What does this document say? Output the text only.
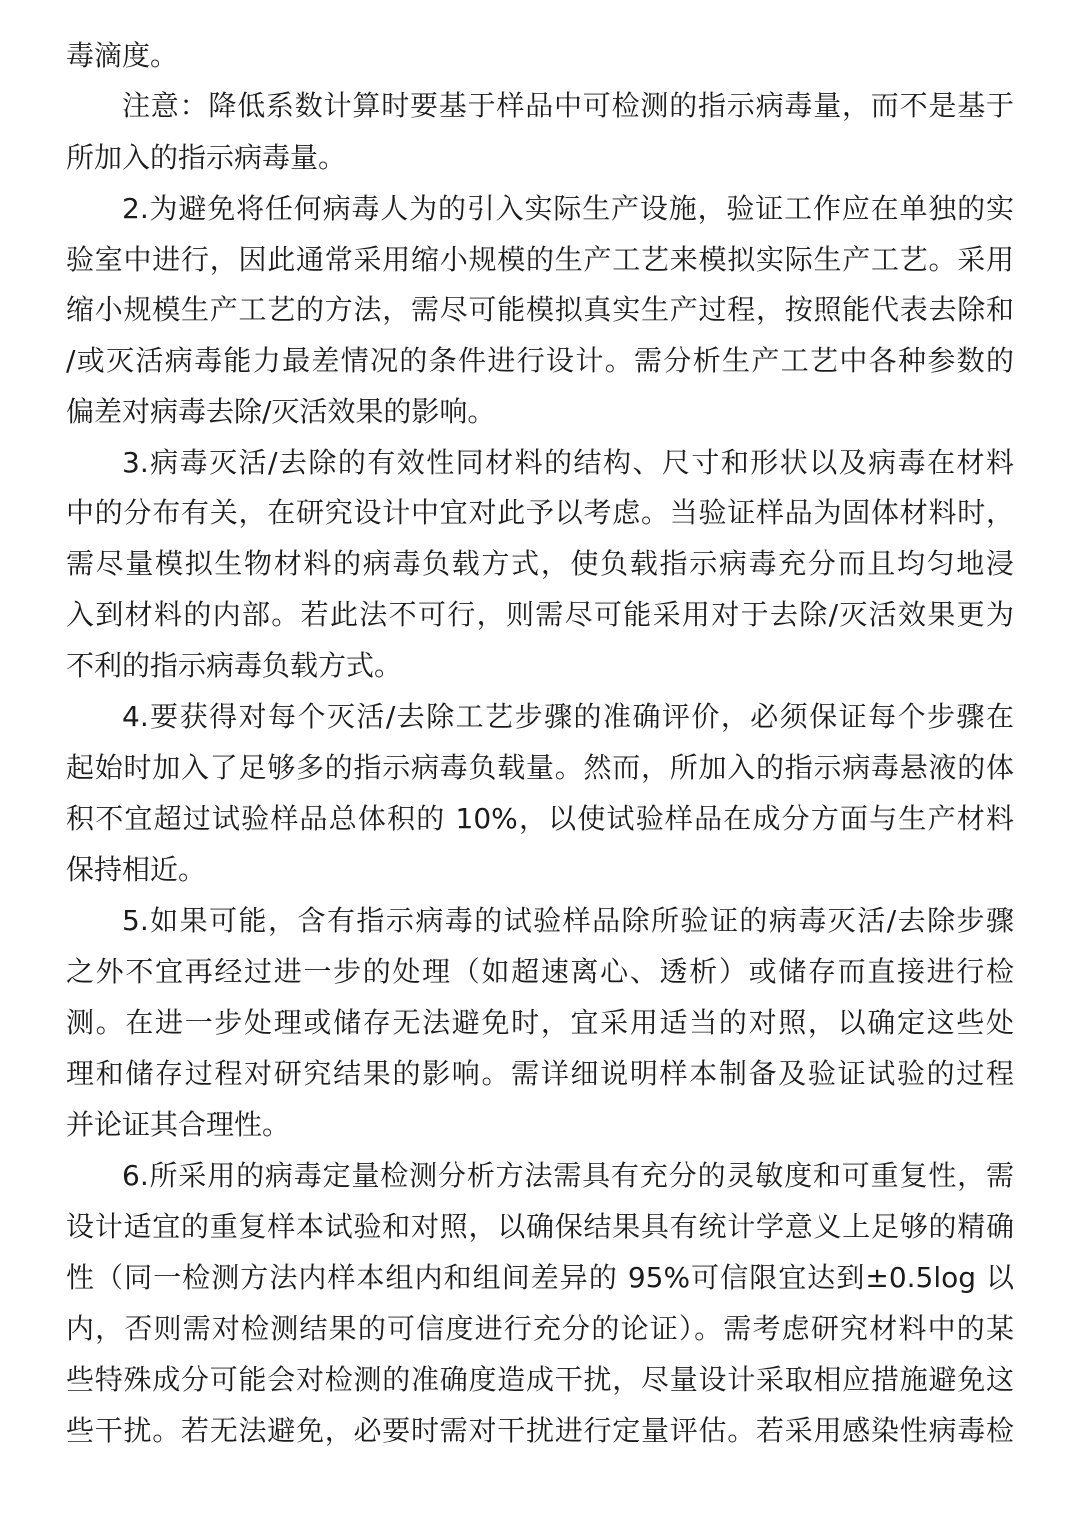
毒滴度。
注意：降低系数计算时要基于样品中可检测的指示病毒量，而不是基于
所加入的指示病毒量。
2.为避免将任何病毒人为的引入实际生产设施，验证工作应在单独的实
验室中进行，因此通常采用缩小规模的生产工艺来模拟实际生产工艺。采用
缩小规模生产工艺的方法，需尽可能模拟真实生产过程，按照能代表去除和
/或灭活病毒能力最差情况的条件进行设计。需分析生产工艺中各种参数的
偏差对病毒去除/灭活效果的影响。
3.病毒灭活/去除的有效性同材料的结构、尺寸和形状以及病毒在材料
中的分布有关，在研究设计中宜对此予以考虑。当验证样品为固体材料时，
需尽量模拟生物材料的病毒负载方式，使负载指示病毒充分而且均匀地浸
入到材料的内部。若此法不可行，则需尽可能采用对于去除/灭活效果更为
不利的指示病毒负载方式。
4.要获得对每个灭活/去除工艺步骤的准确评价，必须保证每个步骤在
起始时加入了足够多的指示病毒负载量。然而，所加入的指示病毒悬液的体
积不宜超过试验样品总体积的 10%，以使试验样品在成分方面与生产材料
保持相近。
5.如果可能，含有指示病毒的试验样品除所验证的病毒灭活/去除步骤
之外不宜再经过进一步的处理（如超速离心、透析）或储存而直接进行检
测。在进一步处理或储存无法避免时，宜采用适当的对照，以确定这些处
理和储存过程对研究结果的影响。需详细说明样本制备及验证试验的过程
并论证其合理性。
6.所采用的病毒定量检测分析方法需具有充分的灵敏度和可重复性，需
设计适宜的重复样本试验和对照，以确保结果具有统计学意义上足够的精确
性（同一检测方法内样本组内和组间差异的 95%可信限宜达到±0.5log 以
内，否则需对检测结果的可信度进行充分的论证）。需考虑研究材料中的某
些特殊成分可能会对检测的准确度造成干扰，尽量设计采取相应措施避免这
些干扰。若无法避免，必要时需对干扰进行定量评估。若采用感染性病毒检
